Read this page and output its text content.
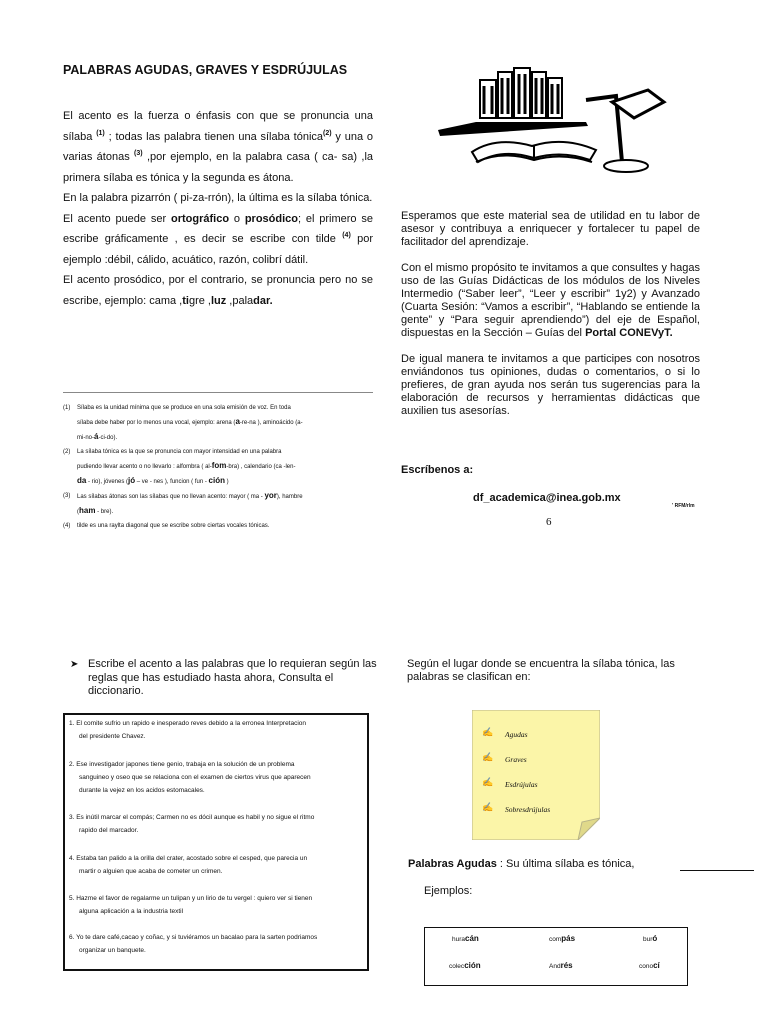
PALABRAS AGUDAS, GRAVES Y ESDRÚJULAS

El acento es la fuerza o énfasis con que se pronuncia una sílaba $^{(1)}$ ; todas las palabra tienen una sílaba tónica$^{(2)}$ y una o varias átonas $^{(3)}$ ,por ejemplo, en la palabra casa ( ca- sa) ,la primera sílaba es tónica y la segunda es átona.

En la palabra pizarrón ( pi-za-rrón), la última es la sílaba tónica.

El acento puede ser ortográfico o prosódico; el primero se escribe gráficamente , es decir se escribe con tilde $^{(4)}$ por ejemplo :débil, cálido, acuático, razón, colibrí dátil.

El acento prosódico, por el contrario, se pronuncia pero no se escribe, ejemplo: cama ,tigre ,luz ,paladar.

(1)	Sílaba es la unidad mínima que se produce en una sola emisión de voz. En toda
sílaba debe haber por lo menos una vocal, ejemplo: arena (a-re-na ), aminoácido (a-
mi-no-á-ci-do).
(2)	La sílaba tónica es la que se pronuncia con mayor intensidad en una palabra
pudiendo llevar acento o no llevarlo : alfombra ( al-fom-bra) , calendario (ca -len-
da - rio), jóvenes (jó – ve - nes ), funcion ( fun - ción )
(3)	Las sílabas átonas son las sílabas que no llevan acento: mayor ( ma - yor), hambre
(ham - bre).
(4)	tilde es una raylta diagonal que se escribe sobre ciertas vocales tónicas.

Esperamos que este material sea de utilidad en tu labor de asesor y contribuya a enriquecer y fortalecer tu papel de facilitador del aprendizaje.

Con el mismo propósito te invitamos a que consultes y hagas uso de las Guías Didácticas de los módulos de los Niveles Intermedio (“Saber leer”, “Leer y escribir” 1y2) y Avanzado (Cuarta Sesión: “Vamos a escribir”, “Hablando se entiende la gente” y “Para seguir aprendiendo”) del eje de Español, dispuestas en la Sección – Guías del Portal CONEVyT.

De igual manera te invitamos a que participes con nosotros enviándonos tus opiniones, dudas o comentarios, o si lo prefieres, de gran ayuda nos serán tus sugerencias para la elaboración de recursos y herramientas didácticas que auxilien tus asesorías.

Escríbenos a:
df_academica@inea.gob.mx
' RFM/rlm
6
➤ Escribe el acento a las palabras que lo requieran según las reglas que has estudiado hasta ahora, Consulta el diccionario.
1. El comite sufrio un rapido e inesperado reves debido a la erronea Interpretacion
del presidente Chavez.
2. Ese investigador japones tiene genio, trabaja en la solución de un problema
sanguineo y oseo que se relaciona con el examen de ciertos virus que aparecen
durante la vejez en los acidos estomacales.
3. Es inútil marcar el compás; Carmen no es dócil aunque es habil y no sigue el ritmo
rapido del marcador.
4. Estaba tan palido a la orilla del crater, acostado sobre el cesped, que parecia un
martir o alguien que acaba de cometer un crimen.
5. Hazme el favor de regalarme un tulipan y un lirio de tu vergel : quiero ver si tienen
alguna aplicación a la industria textil
6. Yo te dare café,cacao y coñac, y si tuviéramos un bacalao para la sarten podriamos
organizar un banquete.
Según el lugar donde se encuentra la sílaba tónica, las palabras se clasifican en:
✍ Agudas
✍ Graves
✍ Esdrújulas
✍ Sobresdrújulas
Palabras Agudas : Su última sílaba es tónica,
Ejemplos:
huracán	compás	buró
colección	Andrés	conocí
